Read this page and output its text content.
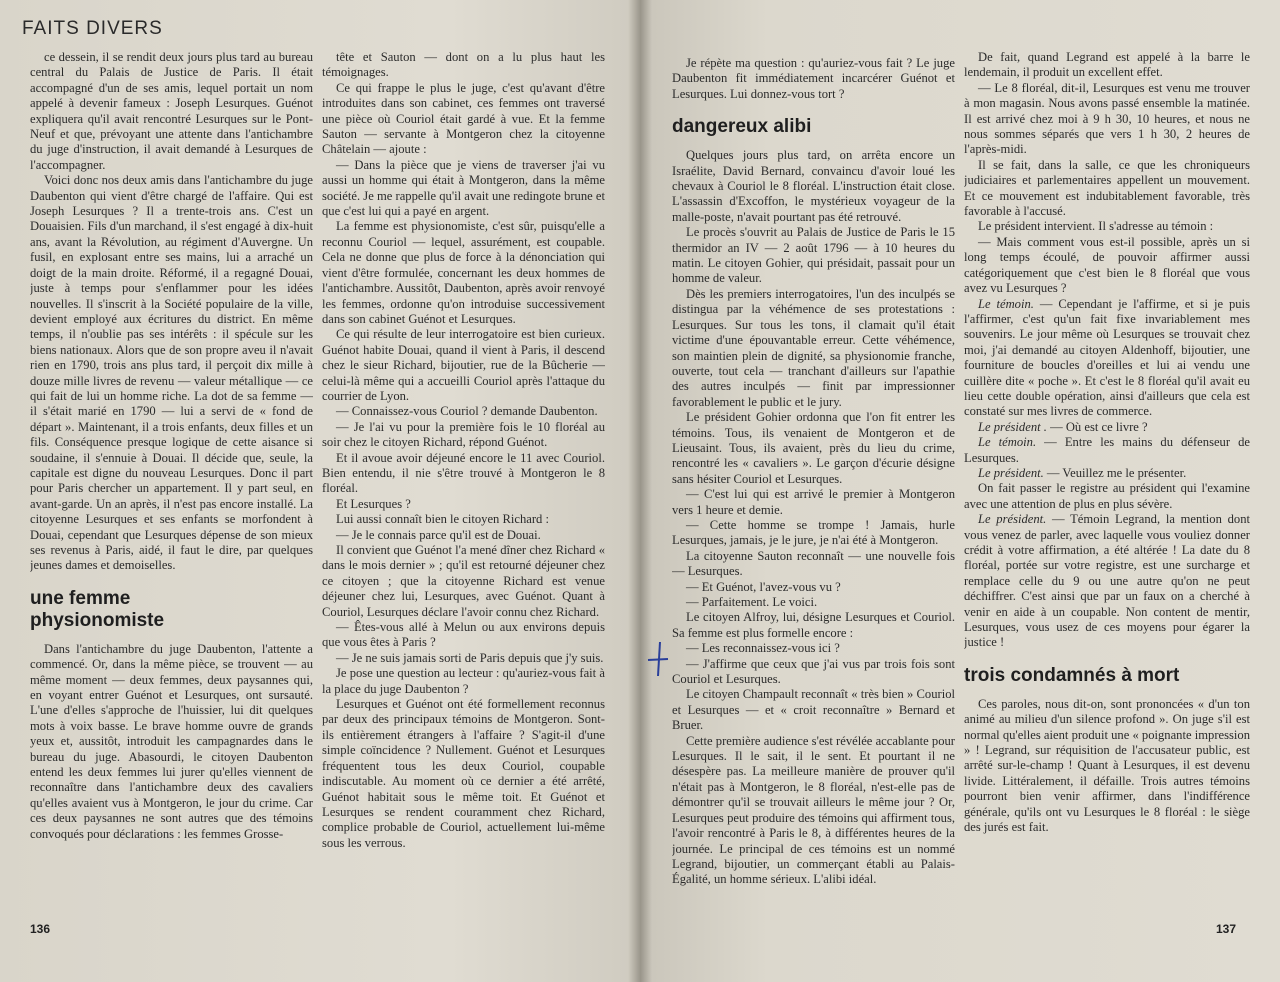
FAITS DIVERS

ce dessein, il se rendit deux jours plus tard au bureau central du Palais de Justice de Paris. Il était accompagné d'un de ses amis, lequel portait un nom appelé à devenir fameux : Joseph Lesurques. Guénot expliquera qu'il avait rencontré Lesurques sur le Pont-Neuf et que, prévoyant une attente dans l'antichambre du juge d'instruction, il avait demandé à Lesurques de l'accompagner.

Voici donc nos deux amis dans l'antichambre du juge Daubenton qui vient d'être chargé de l'affaire. Qui est Joseph Lesurques ? Il a trente-trois ans. C'est un Douaisien. Fils d'un marchand, il s'est engagé à dix-huit ans, avant la Révolution, au régiment d'Auvergne. Un fusil, en explosant entre ses mains, lui a arraché un doigt de la main droite. Réformé, il a regagné Douai, juste à temps pour s'enflammer pour les idées nouvelles. Il s'inscrit à la Société populaire de la ville, devient employé aux écritures du district. En même temps, il n'oublie pas ses intérêts : il spécule sur les biens nationaux. Alors que de son propre aveu il n'avait rien en 1790, trois ans plus tard, il perçoit dix mille à douze mille livres de revenu — valeur métallique — ce qui fait de lui un homme riche. La dot de sa femme — il s'était marié en 1790 — lui a servi de « fond de départ ». Maintenant, il a trois enfants, deux filles et un fils. Conséquence presque logique de cette aisance si soudaine, il s'ennuie à Douai. Il décide que, seule, la capitale est digne du nouveau Lesurques. Donc il part pour Paris chercher un appartement. Il y part seul, en avant-garde. Un an après, il n'est pas encore installé. La citoyenne Lesurques et ses enfants se morfondent à Douai, cependant que Lesurques dépense de son mieux ses revenus à Paris, aidé, il faut le dire, par quelques jeunes dames et demoiselles.

une femme physionomiste

Dans l'antichambre du juge Daubenton, l'attente a commencé. Or, dans la même pièce, se trouvent — au même moment — deux femmes, deux paysannes qui, en voyant entrer Guénot et Lesurques, ont sursauté. L'une d'elles s'approche de l'huissier, lui dit quelques mots à voix basse. Le brave homme ouvre de grands yeux et, aussitôt, introduit les campagnardes dans le bureau du juge. Abasourdi, le citoyen Daubenton entend les deux femmes lui jurer qu'elles viennent de reconnaître dans l'antichambre deux des cavaliers qu'elles avaient vus à Montgeron, le jour du crime. Car ces deux paysannes ne sont autres que des témoins convoqués pour déclarations : les femmes Grosse-

tête et Sauton — dont on a lu plus haut les témoignages.

Ce qui frappe le plus le juge, c'est qu'avant d'être introduites dans son cabinet, ces femmes ont traversé une pièce où Couriol était gardé à vue. Et la femme Sauton — servante à Montgeron chez la citoyenne Châtelain — ajoute :

— Dans la pièce que je viens de traverser j'ai vu aussi un homme qui était à Montgeron, dans la même société. Je me rappelle qu'il avait une redingote brune et que c'est lui qui a payé en argent.

La femme est physionomiste, c'est sûr, puisqu'elle a reconnu Couriol — lequel, assurément, est coupable. Cela ne donne que plus de force à la dénonciation qui vient d'être formulée, concernant les deux hommes de l'antichambre. Aussitôt, Daubenton, après avoir renvoyé les femmes, ordonne qu'on introduise successivement dans son cabinet Guénot et Lesurques.

Ce qui résulte de leur interrogatoire est bien curieux. Guénot habite Douai, quand il vient à Paris, il descend chez le sieur Richard, bijoutier, rue de la Bûcherie — celui-là même qui a accueilli Couriol après l'attaque du courrier de Lyon.

— Connaissez-vous Couriol ? demande Daubenton.

— Je l'ai vu pour la première fois le 10 floréal au soir chez le citoyen Richard, répond Guénot.

Et il avoue avoir déjeuné encore le 11 avec Couriol. Bien entendu, il nie s'être trouvé à Montgeron le 8 floréal.

Et Lesurques ?

Lui aussi connaît bien le citoyen Richard :

— Je le connais parce qu'il est de Douai.

Il convient que Guénot l'a mené dîner chez Richard « dans le mois dernier » ; qu'il est retourné déjeuner chez ce citoyen ; que la citoyenne Richard est venue déjeuner chez lui, Lesurques, avec Guénot. Quant à Couriol, Lesurques déclare l'avoir connu chez Richard.

— Êtes-vous allé à Melun ou aux environs depuis que vous êtes à Paris ?

— Je ne suis jamais sorti de Paris depuis que j'y suis.

Je pose une question au lecteur : qu'auriez-vous fait à la place du juge Daubenton ?

Lesurques et Guénot ont été formellement reconnus par deux des principaux témoins de Montgeron. Sont-ils entièrement étrangers à l'affaire ? S'agit-il d'une simple coïncidence ? Nullement. Guénot et Lesurques fréquentent tous les deux Couriol, coupable indiscutable. Au moment où ce dernier a été arrêté, Guénot habitait sous le même toit. Et Guénot et Lesurques se rendent couramment chez Richard, complice probable de Couriol, actuellement lui-même sous les verrous.

136

Je répète ma question : qu'auriez-vous fait ? Le juge Daubenton fit immédiatement incarcérer Guénot et Lesurques. Lui donnez-vous tort ?

dangereux alibi

Quelques jours plus tard, on arrêta encore un Israélite, David Bernard, convaincu d'avoir loué les chevaux à Couriol le 8 floréal. L'instruction était close. L'assassin d'Excoffon, le mystérieux voyageur de la malle-poste, n'avait pourtant pas été retrouvé.

Le procès s'ouvrit au Palais de Justice de Paris le 15 thermidor an IV — 2 août 1796 — à 10 heures du matin. Le citoyen Gohier, qui présidait, passait pour un homme de valeur.

Dès les premiers interrogatoires, l'un des inculpés se distingua par la véhémence de ses protestations : Lesurques. Sur tous les tons, il clamait qu'il était victime d'une épouvantable erreur. Cette véhémence, son maintien plein de dignité, sa physionomie franche, ouverte, tout cela — tranchant d'ailleurs sur l'apathie des autres inculpés — finit par impressionner favorablement le public et le jury.

Le président Gohier ordonna que l'on fit entrer les témoins. Tous, ils venaient de Montgeron et de Lieusaint. Tous, ils avaient, près du lieu du crime, rencontré les « cavaliers ». Le garçon d'écurie désigne sans hésiter Couriol et Lesurques.

— C'est lui qui est arrivé le premier à Montgeron vers 1 heure et demie.

— Cette homme se trompe ! Jamais, hurle Lesurques, jamais, je le jure, je n'ai été à Montgeron.

La citoyenne Sauton reconnaît — une nouvelle fois — Lesurques.

— Et Guénot, l'avez-vous vu ?

— Parfaitement. Le voici.

Le citoyen Alfroy, lui, désigne Lesurques et Couriol. Sa femme est plus formelle encore :

— Les reconnaissez-vous ici ?

— J'affirme que ceux que j'ai vus par trois fois sont Couriol et Lesurques.

Le citoyen Champault reconnaît « très bien » Couriol et Lesurques — et « croit reconnaître » Bernard et Bruer.

Cette première audience s'est révélée accablante pour Lesurques. Il le sait, il le sent. Et pourtant il ne désespère pas. La meilleure manière de prouver qu'il n'était pas à Montgeron, le 8 floréal, n'est-elle pas de démontrer qu'il se trouvait ailleurs le même jour ? Or, Lesurques peut produire des témoins qui affirment tous, l'avoir rencontré à Paris le 8, à différentes heures de la journée. Le principal de ces témoins est un nommé Legrand, bijoutier, un commerçant établi au Palais-Égalité, un homme sérieux. L'alibi idéal.

De fait, quand Legrand est appelé à la barre le lendemain, il produit un excellent effet.

— Le 8 floréal, dit-il, Lesurques est venu me trouver à mon magasin. Nous avons passé ensemble la matinée. Il est arrivé chez moi à 9 h 30, 10 heures, et nous ne nous sommes séparés que vers 1 h 30, 2 heures de l'après-midi.

Il se fait, dans la salle, ce que les chroniqueurs judiciaires et parlementaires appellent un mouvement. Et ce mouvement est indubitablement favorable, très favorable à l'accusé.

Le président intervient. Il s'adresse au témoin :

— Mais comment vous est-il possible, après un si long temps écoulé, de pouvoir affirmer aussi catégoriquement que c'est bien le 8 floréal que vous avez vu Lesurques ?

Le témoin. — Cependant je l'affirme, et si je puis l'affirmer, c'est qu'un fait fixe invariablement mes souvenirs. Le jour même où Lesurques se trouvait chez moi, j'ai demandé au citoyen Aldenhoff, bijoutier, une fourniture de boucles d'oreilles et lui ai vendu une cuillère dite « poche ». Et c'est le 8 floréal qu'il avait eu lieu cette double opération, ainsi d'ailleurs que cela est constaté sur mes livres de commerce.

Le président . — Où est ce livre ?

Le témoin. — Entre les mains du défenseur de Lesurques.

Le président. — Veuillez me le présenter.

On fait passer le registre au président qui l'examine avec une attention de plus en plus sévère.

Le président. — Témoin Legrand, la mention dont vous venez de parler, avec laquelle vous vouliez donner crédit à votre affirmation, a été altérée ! La date du 8 floréal, portée sur votre registre, est une surcharge et remplace celle du 9 ou une autre qu'on ne peut déchiffrer. C'est ainsi que par un faux on a cherché à venir en aide à un coupable. Non content de mentir, Lesurques, vous usez de ces moyens pour égarer la justice !

trois condamnés à mort

Ces paroles, nous dit-on, sont prononcées « d'un ton animé au milieu d'un silence profond ». On juge s'il est normal qu'elles aient produit une « poignante impression » ! Legrand, sur réquisition de l'accusateur public, est arrêté sur-le-champ ! Quant à Lesurques, il est devenu livide. Littéralement, il défaille. Trois autres témoins pourront bien venir affirmer, dans l'indifférence générale, qu'ils ont vu Lesurques le 8 floréal : le siège des jurés est fait.

137
